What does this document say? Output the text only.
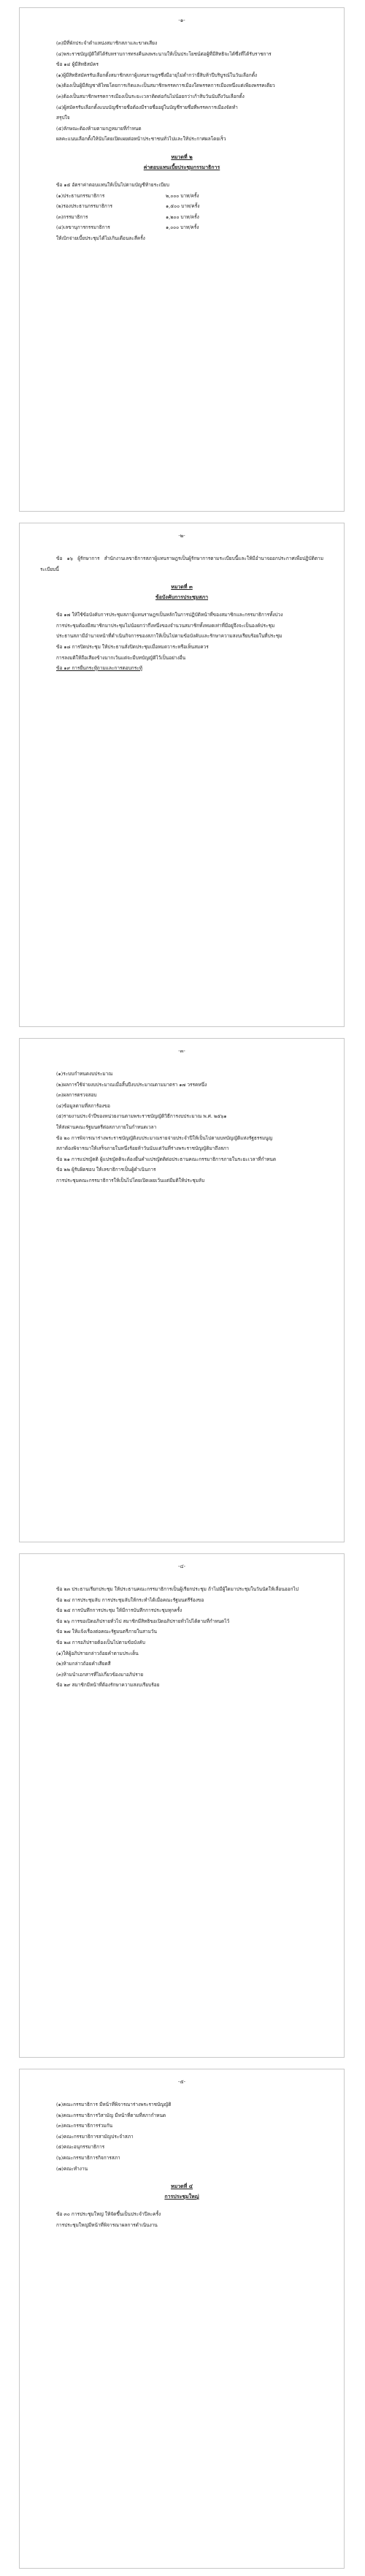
-๑-

(๓)มีที่พักประจำตำแหน่งสมาชิกสภาและขาดเสียง

(๔)พระราชบัญญัติให้ได้รับทราบการทรงคืนลงพระนามให้เป็นประโยชน์ต่อผู้ที่มีสิทธิจะได้ซึ่งที่ได้รับราชการ

ข้อ ๑๔ ผู้มีสิทธิสมัคร

(๑)ผู้มีสิทธิสมัครรับเลือกตั้งสมาชิกสภาผู้แทนราษฎรซึ่งมีอายุไม่ต่ำกว่ายี่สิบห้าปีบริบูรณ์ในวันเลือกตั้ง

(๒)ต้องเป็นผู้มีสัญชาติไทยโดยการเกิดและเป็นสมาชิกพรรคการเมืองใดพรรคการเมืองหนึ่งแต่เพียงพรรคเดียว

(๓)ต้องเป็นสมาชิกพรรคการเมืองเป็นระยะเวลาติดต่อกันไม่น้อยกว่าเก้าสิบวันนับถึงวันเลือกตั้ง

(๔)ผู้สมัครรับเลือกตั้งแบบบัญชีรายชื่อต้องมีรายชื่ออยู่ในบัญชีรายชื่อที่พรรคการเมืองจัดทำ

สรุปใจ

(๕)ลักษณะต้องห้ามตามกฎหมายที่กำหนด

ผลคะแนนเลือกตั้งให้นับโดยเปิดเผยต่อหน้าประชาชนทั่วไปและให้ประกาศผลโดยเร็ว

หมวดที่ ๒

ค่าตอบแทนเบี้ยประชุมกรรมาธิการ

ข้อ ๑๕ อัตราค่าตอบแทนให้เป็นไปตามบัญชีท้ายระเบียบ

(๑)ประธานกรรมาธิการ	๒,๐๐๐ บาท/ครั้ง
(๒)รองประธานกรรมาธิการ	๑,๕๐๐ บาท/ครั้ง
(๓)กรรมาธิการ	๑,๒๐๐ บาท/ครั้ง
(๔)เลขานุการกรรมาธิการ	๑,๐๐๐ บาท/ครั้ง

ให้เบิกจ่ายเบี้ยประชุมได้ไม่เกินเดือนละสี่ครั้ง

-๒-

ข้อ ๑๖ ผู้รักษาการ สำนักงานเลขาธิการสภาผู้แทนราษฎรเป็นผู้รักษาการตามระเบียบนี้และให้มีอำนาจออกประกาศเพื่อปฏิบัติตามระเบียบนี้

หมวดที่ ๓

ข้อบังคับการประชุมสภา

ข้อ ๑๗ ให้ใช้ข้อบังคับการประชุมสภาผู้แทนราษฎรเป็นหลักในการปฏิบัติหน้าที่ของสมาชิกและกรรมาธิการทั้งปวง

การประชุมต้องมีสมาชิกมาประชุมไม่น้อยกว่ากึ่งหนึ่งของจำนวนสมาชิกทั้งหมดเท่าที่มีอยู่จึงจะเป็นองค์ประชุม

ประธานสภามีอำนาจหน้าที่ดำเนินกิจการของสภาให้เป็นไปตามข้อบังคับและรักษาความสงบเรียบร้อยในที่ประชุม

ข้อ ๑๘ การปิดประชุม ให้ประธานสั่งปิดประชุมเมื่อหมดวาระหรือเห็นสมควร

การลงมติให้ถือเสียงข้างมากเว้นแต่จะมีบทบัญญัติไว้เป็นอย่างอื่น

ข้อ ๑๙ การยื่นกระทู้ถามและการตอบกระทู้

-๓-

(๑)ระบบกำหนดงบประมาณ

(๒)ผลการใช้จ่ายงบประมาณเมื่อสิ้นปีงบประมาณตามมาตรา ๑๗ วรรคหนึ่ง

(๓)ผลการตรวจสอบ

(๔)ข้อมูลตามที่สภาร้องขอ

(๕)รายงานประจำปีของหน่วยงานตามพระราชบัญญัติวิธีการงบประมาณ พ.ศ. ๒๕๖๑

ให้ส่งผ่านคณะรัฐมนตรีต่อสภาภายในกำหนดเวลา

ข้อ ๒๐ การพิจารณาร่างพระราชบัญญัติงบประมาณรายจ่ายประจำปีให้เป็นไปตามบทบัญญัติแห่งรัฐธรรมนูญ

สภาต้องพิจารณาให้เสร็จภายในหนึ่งร้อยห้าวันนับแต่วันที่ร่างพระราชบัญญัติมาถึงสภา

ข้อ ๒๑ การแปรญัตติ ผู้แปรญัตติจะต้องยื่นคำแปรญัตติต่อประธานคณะกรรมาธิการภายในระยะเวลาที่กำหนด

ข้อ ๒๒ ผู้รับผิดชอบ ให้เลขาธิการเป็นผู้ดำเนินการ

การประชุมคณะกรรมาธิการให้เป็นไปโดยเปิดเผยเว้นแต่มีมติให้ประชุมลับ

-๔-

ข้อ ๒๓ ประธานเรียกประชุม ให้ประธานคณะกรรมาธิการเป็นผู้เรียกประชุม ถ้าไม่มีผู้ใดมาประชุมในวันนัดให้เลื่อนออกไป

ข้อ ๒๔ การประชุมลับ การประชุมลับให้กระทำได้เมื่อคณะรัฐมนตรีร้องขอ

ข้อ ๒๕ การบันทึกการประชุม ให้มีการบันทึกการประชุมทุกครั้ง

ข้อ ๒๖ การขอเปิดอภิปรายทั่วไป สมาชิกมีสิทธิขอเปิดอภิปรายทั่วไปได้ตามที่กำหนดไว้

ข้อ ๒๗ ให้แจ้งเรื่องต่อคณะรัฐมนตรีภายในสามวัน

ข้อ ๒๘ การอภิปรายต้องเป็นไปตามข้อบังคับ

(๑)ให้ผู้อภิปรายกล่าวถ้อยคำตามประเด็น

(๒)ห้ามกล่าวถ้อยคำเสียดสี

(๓)ห้ามนำเอกสารที่ไม่เกี่ยวข้องมาอภิปราย

ข้อ ๒๙ สมาชิกมีหน้าที่ต้องรักษาความสงบเรียบร้อย

-๕-

(๑)คณะกรรมาธิการ มีหน้าที่พิจารณาร่างพระราชบัญญัติ

(๒)คณะกรรมาธิการวิสามัญ มีหน้าที่ตามที่สภากำหนด

(๓)คณะกรรมาธิการร่วมกัน

(๔)คณะกรรมาธิการสามัญประจำสภา

(๕)คณะอนุกรรมาธิการ

(๖)คณะกรรมาธิการกิจการสภา

(๗)คณะทำงาน

หมวดที่ ๔

การประชุมใหญ่

ข้อ ๓๐ การประชุมใหญ่ ให้จัดขึ้นเป็นประจำปีละครั้ง

การประชุมใหญ่มีหน้าที่พิจารณาผลการดำเนินงาน
